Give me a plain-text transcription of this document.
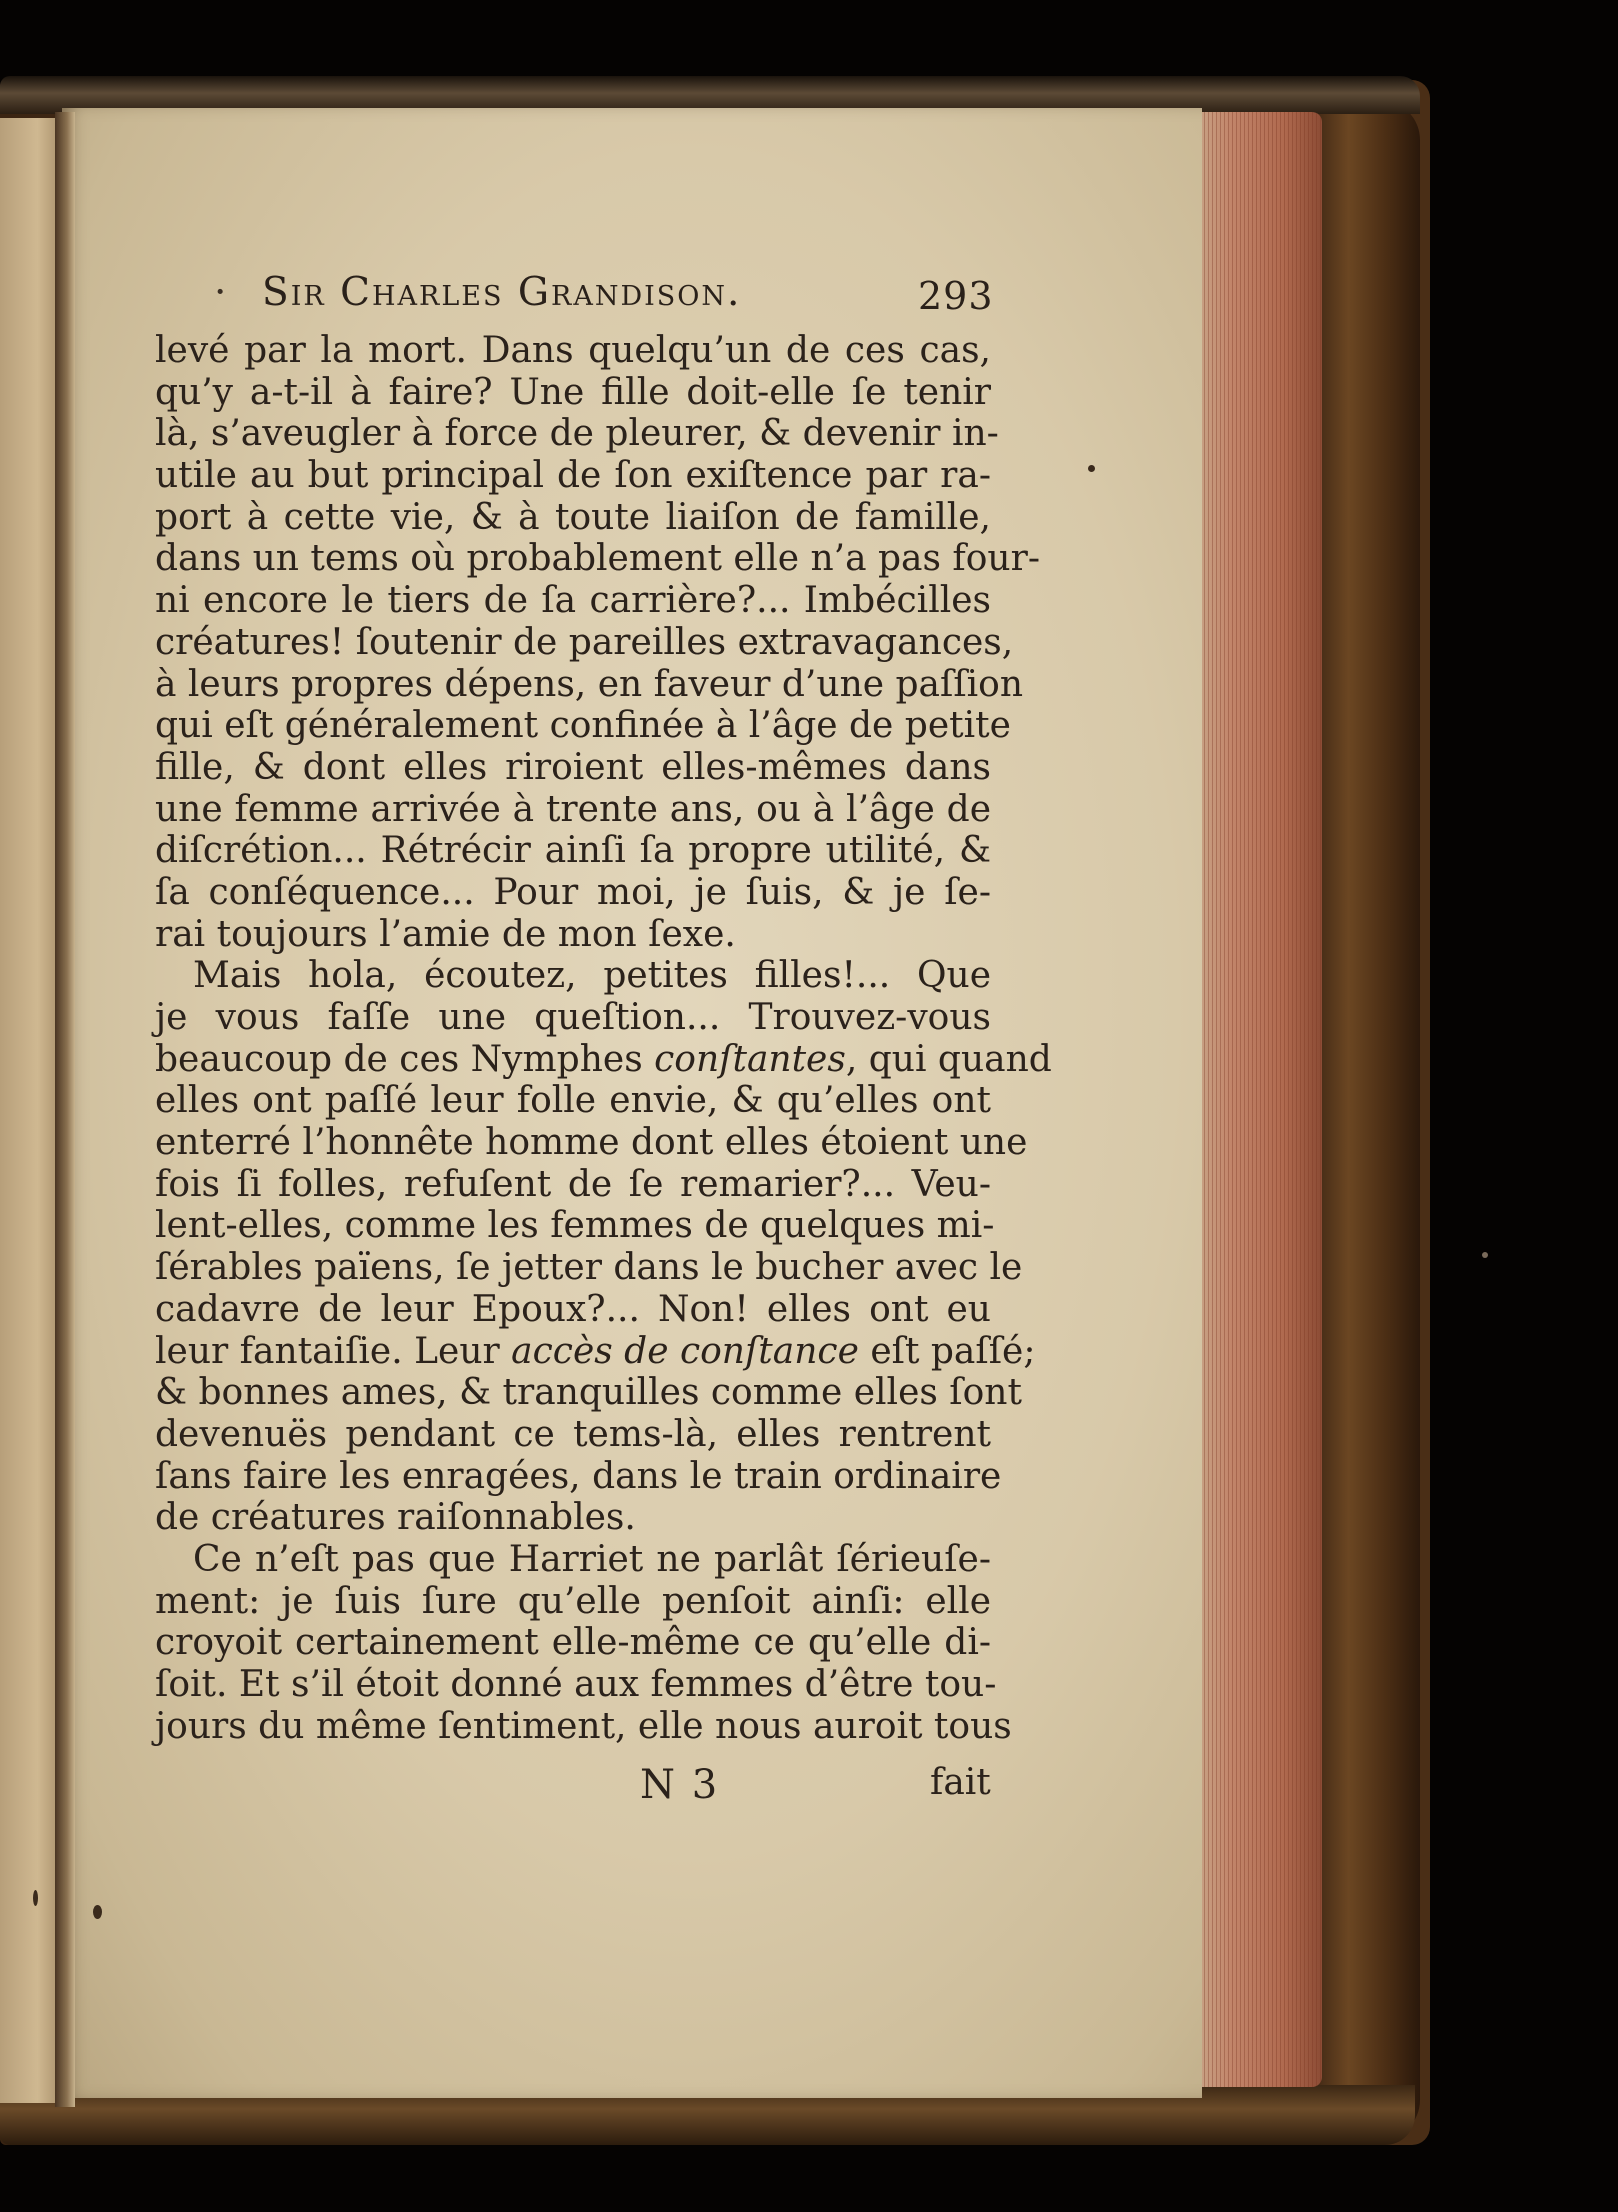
· Sir Charles Grandison.	293
levé par la mort. Dans quelqu’un de ces cas,
qu’y a-t-il à faire? Une fille doit-elle ſe tenir
là, s’aveugler à force de pleurer, & devenir in-
utile au but principal de ſon exiſtence par ra-
port à cette vie, & à toute liaiſon de famille,
dans un tems où probablement elle n’a pas four-
ni encore le tiers de ſa carrière?... Imbécilles
créatures! ſoutenir de pareilles extravagances,
à leurs propres dépens, en faveur d’une paſſion
qui eſt généralement confinée à l’âge de petite
fille, & dont elles riroient elles-mêmes dans
une femme arrivée à trente ans, ou à l’âge de
diſcrétion... Rétrécir ainſi ſa propre utilité, &
ſa conſéquence... Pour moi, je ſuis, & je ſe-
rai toujours l’amie de mon ſexe.
Mais hola, écoutez, petites filles!... Que
je vous faſſe une queſtion... Trouvez-vous
beaucoup de ces Nymphes conſtantes, qui quand
elles ont paſſé leur folle envie, & qu’elles ont
enterré l’honnête homme dont elles étoient une
fois ſi folles, refuſent de ſe remarier?... Veu-
lent-elles, comme les femmes de quelques mi-
ſérables païens, ſe jetter dans le bucher avec le
cadavre de leur Epoux?... Non! elles ont eu
leur fantaiſie. Leur accès de conſtance eſt paſſé;
& bonnes ames, & tranquilles comme elles ſont
devenuës pendant ce tems-là, elles rentrent
ſans faire les enragées, dans le train ordinaire
de créatures raiſonnables.
Ce n’eſt pas que Harriet ne parlât ſérieuſe-
ment: je ſuis ſure qu’elle penſoit ainſi: elle
croyoit certainement elle-même ce qu’elle di-
ſoit. Et s’il étoit donné aux femmes d’être tou-
jours du même ſentiment, elle nous auroit tous
N 3	fait
